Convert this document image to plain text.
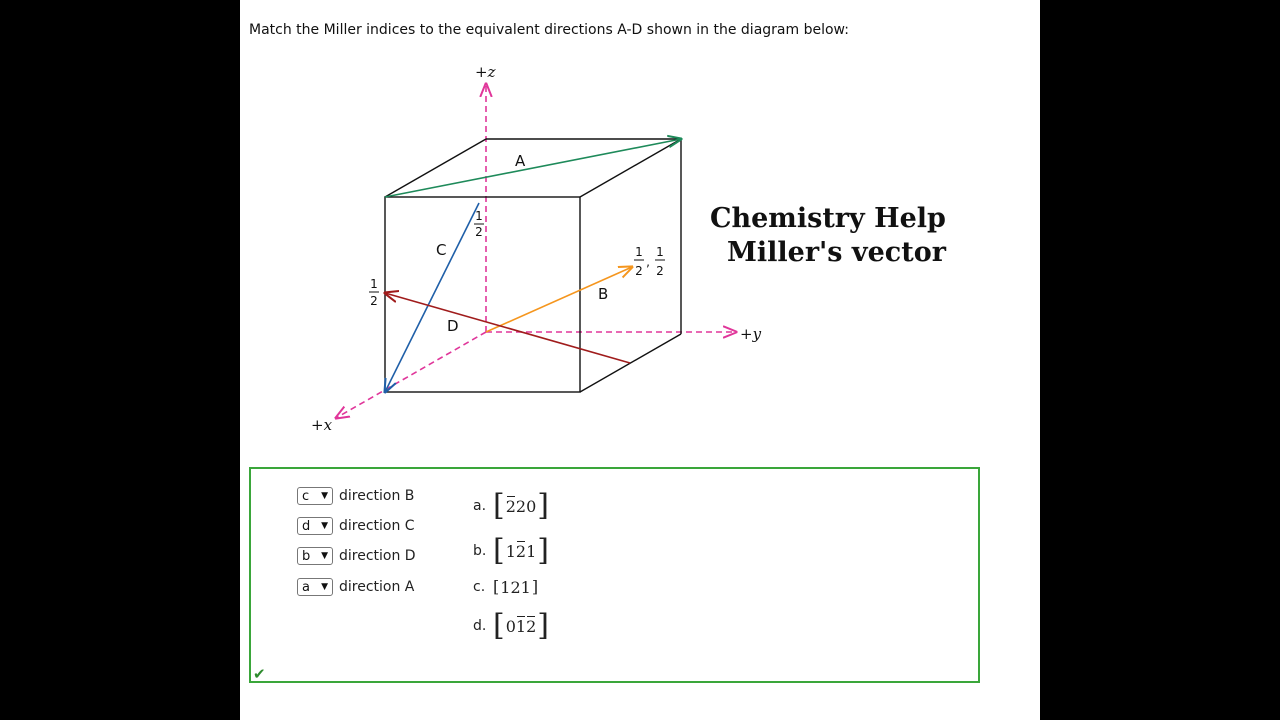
Match the Miller indices to the equivalent directions A-D shown in the diagram below:
+z
+y
+x
A
B
C
D
1
2
1
2
1
2
,
1
2
Chemistry Help
Miller's vector
c ▼ direction B
d ▼ direction C
b ▼ direction D
a ▼ direction A
a. [ 2 2 0 ]
b. [ 1 2 1 ]
c. [ 1 2 1 ]
d. [ 0 1 2 ]
✔
